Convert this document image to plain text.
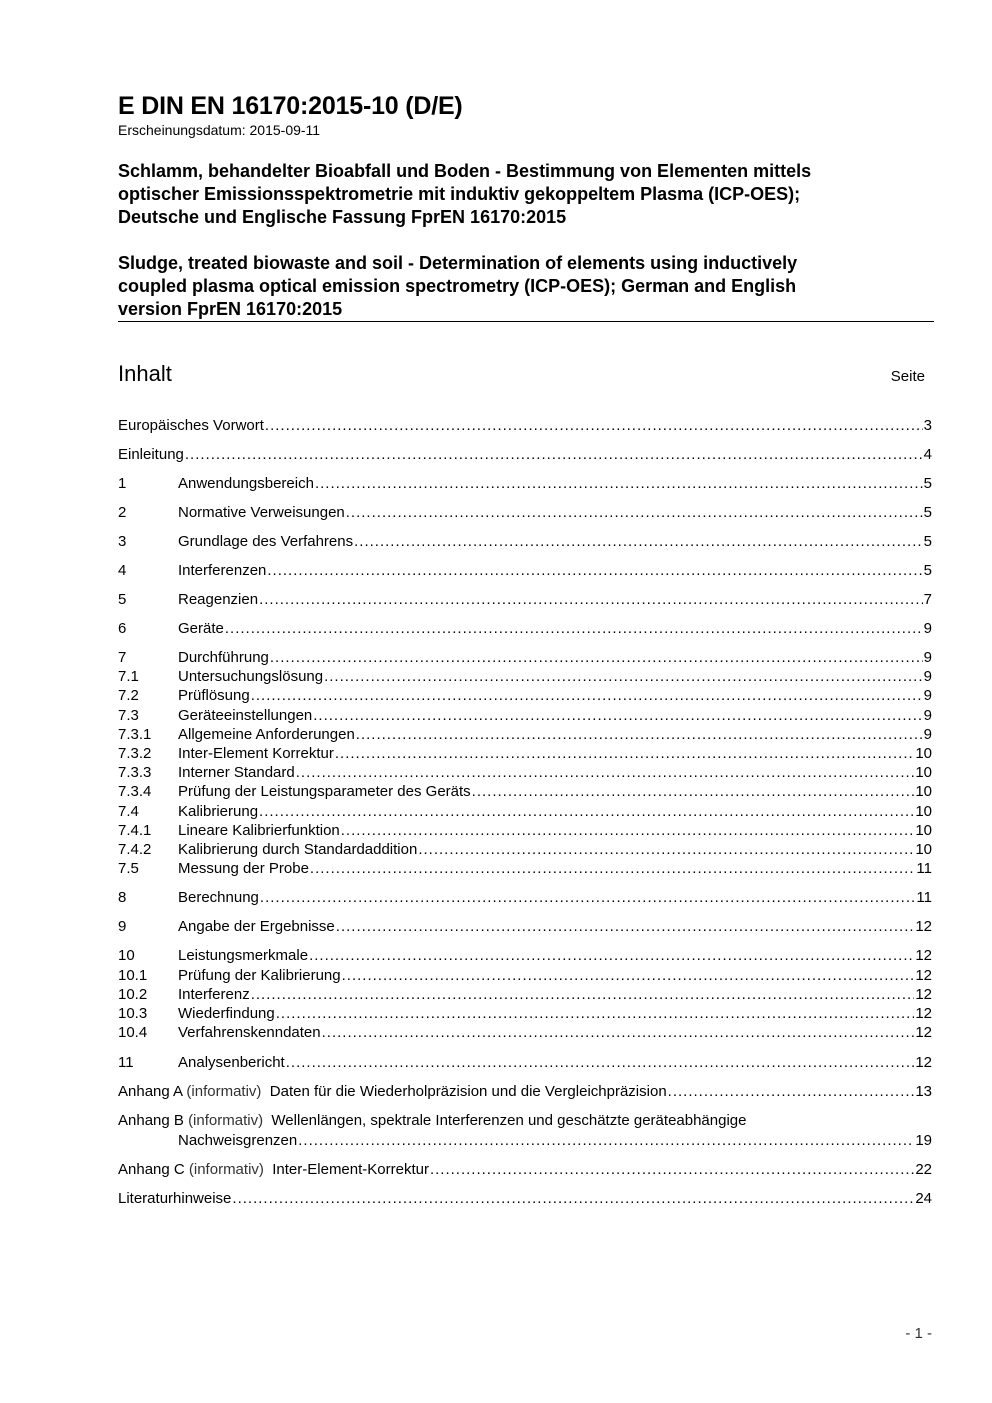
E DIN EN 16170:2015-10 (D/E)
Erscheinungsdatum: 2015-09-11
Schlamm, behandelter Bioabfall und Boden - Bestimmung von Elementen mittels
optischer Emissionsspektrometrie mit induktiv gekoppeltem Plasma (ICP-OES);
Deutsche und Englische Fassung FprEN 16170:2015
Sludge, treated biowaste and soil - Determination of elements using inductively
coupled plasma optical emission spectrometry (ICP-OES); German and English
version FprEN 16170:2015
Inhalt	Seite
Europäisches Vorwort .....	3
Einleitung .....	4
1	Anwendungsbereich .....	5
2	Normative Verweisungen .....	5
3	Grundlage des Verfahrens .....	5
4	Interferenzen .....	5
5	Reagenzien .....	7
6	Geräte .....	9
7	Durchführung .....	9
7.1	Untersuchungslösung .....	9
7.2	Prüflösung .....	9
7.3	Geräteeinstellungen .....	9
7.3.1	Allgemeine Anforderungen .....	9
7.3.2	Inter-Element Korrektur .....	10
7.3.3	Interner Standard .....	10
7.3.4	Prüfung der Leistungsparameter des Geräts .....	10
7.4	Kalibrierung .....	10
7.4.1	Lineare Kalibrierfunktion .....	10
7.4.2	Kalibrierung durch Standardaddition .....	10
7.5	Messung der Probe .....	11
8	Berechnung .....	11
9	Angabe der Ergebnisse .....	12
10	Leistungsmerkmale .....	12
10.1	Prüfung der Kalibrierung .....	12
10.2	Interferenz .....	12
10.3	Wiederfindung .....	12
10.4	Verfahrenskenndaten .....	12
11	Analysenbericht .....	12
Anhang A (informativ) Daten für die Wiederholpräzision und die Vergleichpräzision .....	13
Anhang B (informativ) Wellenlängen, spektrale Interferenzen und geschätzte geräteabhängige
Nachweisgrenzen .....	19
Anhang C (informativ) Inter-Element-Korrektur .....	22
Literaturhinweise .....	24
- 1 -
